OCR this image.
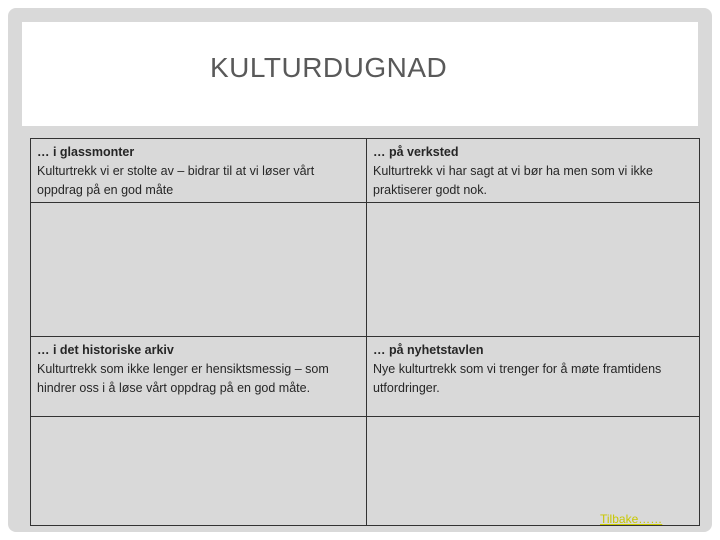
KULTURDUGNAD
… i glassmonter
Kulturtrekk vi er stolte av – bidrar til at vi løser vårt oppdrag på en god måte
… på verksted
Kulturtrekk vi har sagt at vi bør ha men som vi ikke praktiserer godt nok.
… i det historiske arkiv
Kulturtrekk som ikke lenger er hensiktsmessig – som hindrer oss i å løse vårt oppdrag på en god måte.
… på nyhetstavlen
Nye kulturtrekk som vi trenger for å møte framtidens utfordringer.
Tilbake……
